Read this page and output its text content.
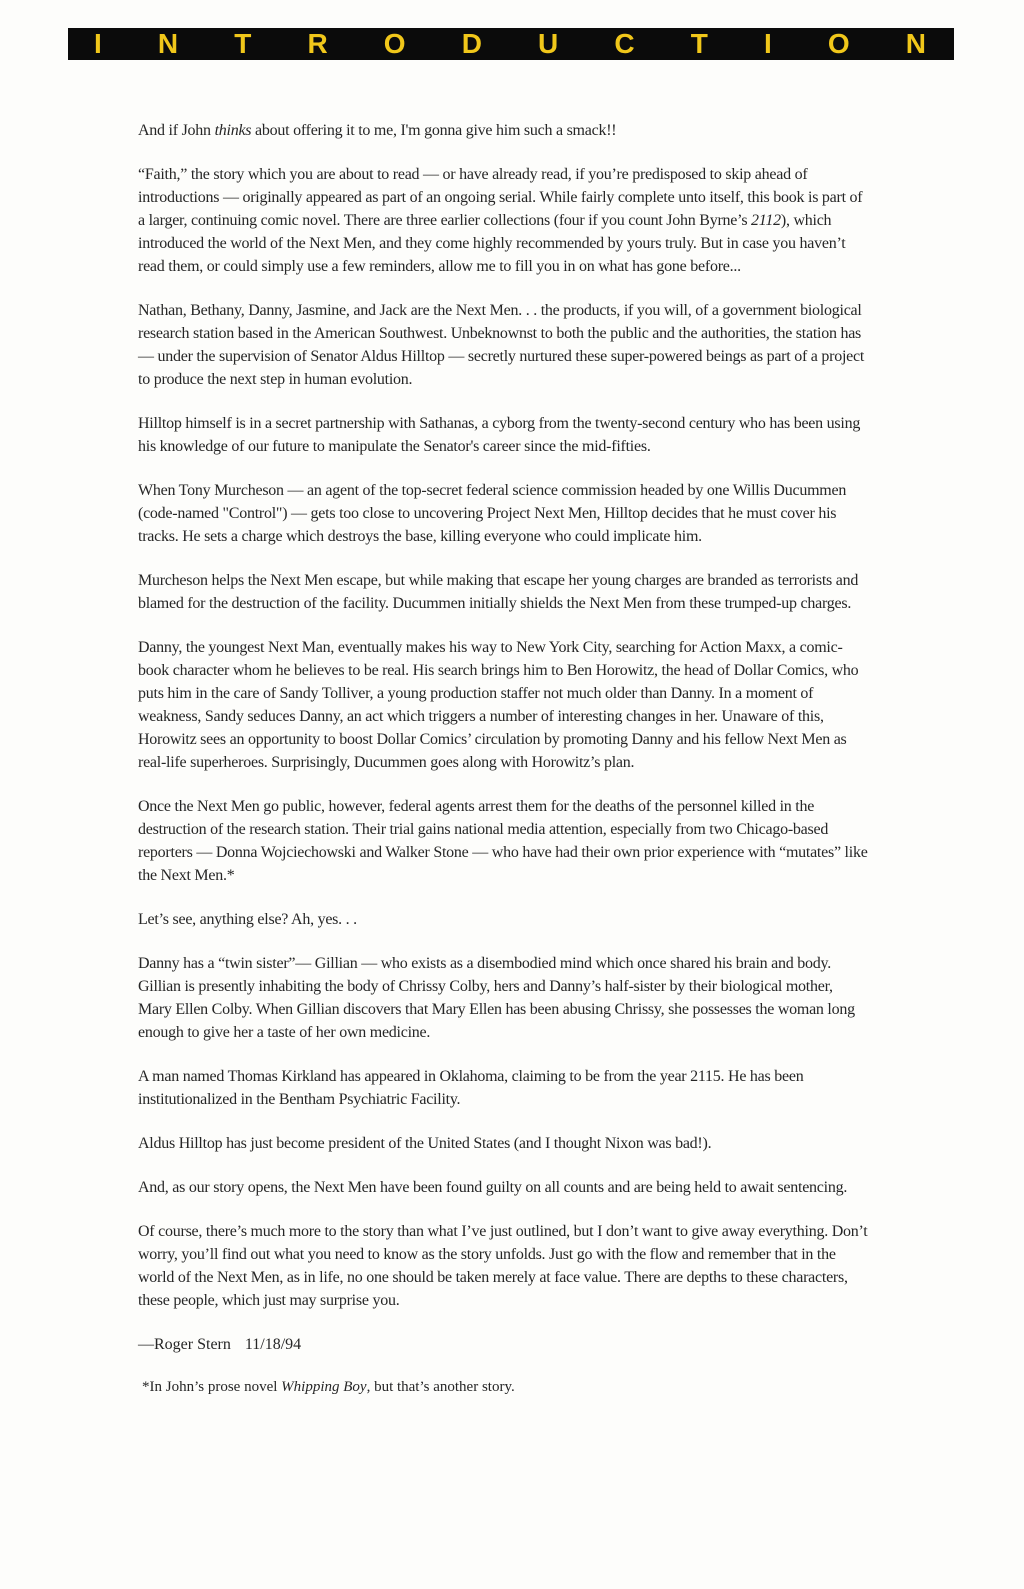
I N T R O D U C T I O N

And if John thinks about offering it to me, I'm gonna give him such a smack!!

“Faith,” the story which you are about to read — or have already read, if you’re predisposed to skip ahead of introductions — originally appeared as part of an ongoing serial. While fairly complete unto itself, this book is part of a larger, continuing comic novel. There are three earlier collections (four if you count John Byrne’s 2112), which introduced the world of the Next Men, and they come highly recommended by yours truly. But in case you haven’t read them, or could simply use a few reminders, allow me to fill you in on what has gone before...

Nathan, Bethany, Danny, Jasmine, and Jack are the Next Men. . . the products, if you will, of a government biological research station based in the American Southwest. Unbeknownst to both the public and the authorities, the station has — under the supervision of Senator Aldus Hilltop — secretly nurtured these super-powered beings as part of a project to produce the next step in human evolution.

Hilltop himself is in a secret partnership with Sathanas, a cyborg from the twenty-second century who has been using his knowledge of our future to manipulate the Senator's career since the mid-fifties.

When Tony Murcheson — an agent of the top-secret federal science commission headed by one Willis Ducummen (code-named "Control") — gets too close to uncovering Project Next Men, Hilltop decides that he must cover his tracks. He sets a charge which destroys the base, killing everyone who could implicate him.

Murcheson helps the Next Men escape, but while making that escape her young charges are branded as terrorists and blamed for the destruction of the facility. Ducummen initially shields the Next Men from these trumped-up charges.

Danny, the youngest Next Man, eventually makes his way to New York City, searching for Action Maxx, a comic-book character whom he believes to be real. His search brings him to Ben Horowitz, the head of Dollar Comics, who puts him in the care of Sandy Tolliver, a young production staffer not much older than Danny. In a moment of weakness, Sandy seduces Danny, an act which triggers a number of interesting changes in her. Unaware of this, Horowitz sees an opportunity to boost Dollar Comics’ circulation by promoting Danny and his fellow Next Men as real-life superheroes. Surprisingly, Ducummen goes along with Horowitz’s plan.

Once the Next Men go public, however, federal agents arrest them for the deaths of the personnel killed in the destruction of the research station. Their trial gains national media attention, especially from two Chicago-based reporters — Donna Wojciechowski and Walker Stone — who have had their own prior experience with “mutates” like the Next Men.*

Let’s see, anything else? Ah, yes. . .

Danny has a “twin sister”— Gillian — who exists as a disembodied mind which once shared his brain and body. Gillian is presently inhabiting the body of Chrissy Colby, hers and Danny’s half-sister by their biological mother, Mary Ellen Colby. When Gillian discovers that Mary Ellen has been abusing Chrissy, she possesses the woman long enough to give her a taste of her own medicine.

A man named Thomas Kirkland has appeared in Oklahoma, claiming to be from the year 2115. He has been institutionalized in the Bentham Psychiatric Facility.

Aldus Hilltop has just become president of the United States (and I thought Nixon was bad!).

And, as our story opens, the Next Men have been found guilty on all counts and are being held to await sentencing.

Of course, there’s much more to the story than what I’ve just outlined, but I don’t want to give away everything. Don’t worry, you’ll find out what you need to know as the story unfolds. Just go with the flow and remember that in the world of the Next Men, as in life, no one should be taken merely at face value. There are depths to these characters, these people, which just may surprise you.

—Roger Stern 11/18/94

*In John’s prose novel Whipping Boy, but that’s another story.
